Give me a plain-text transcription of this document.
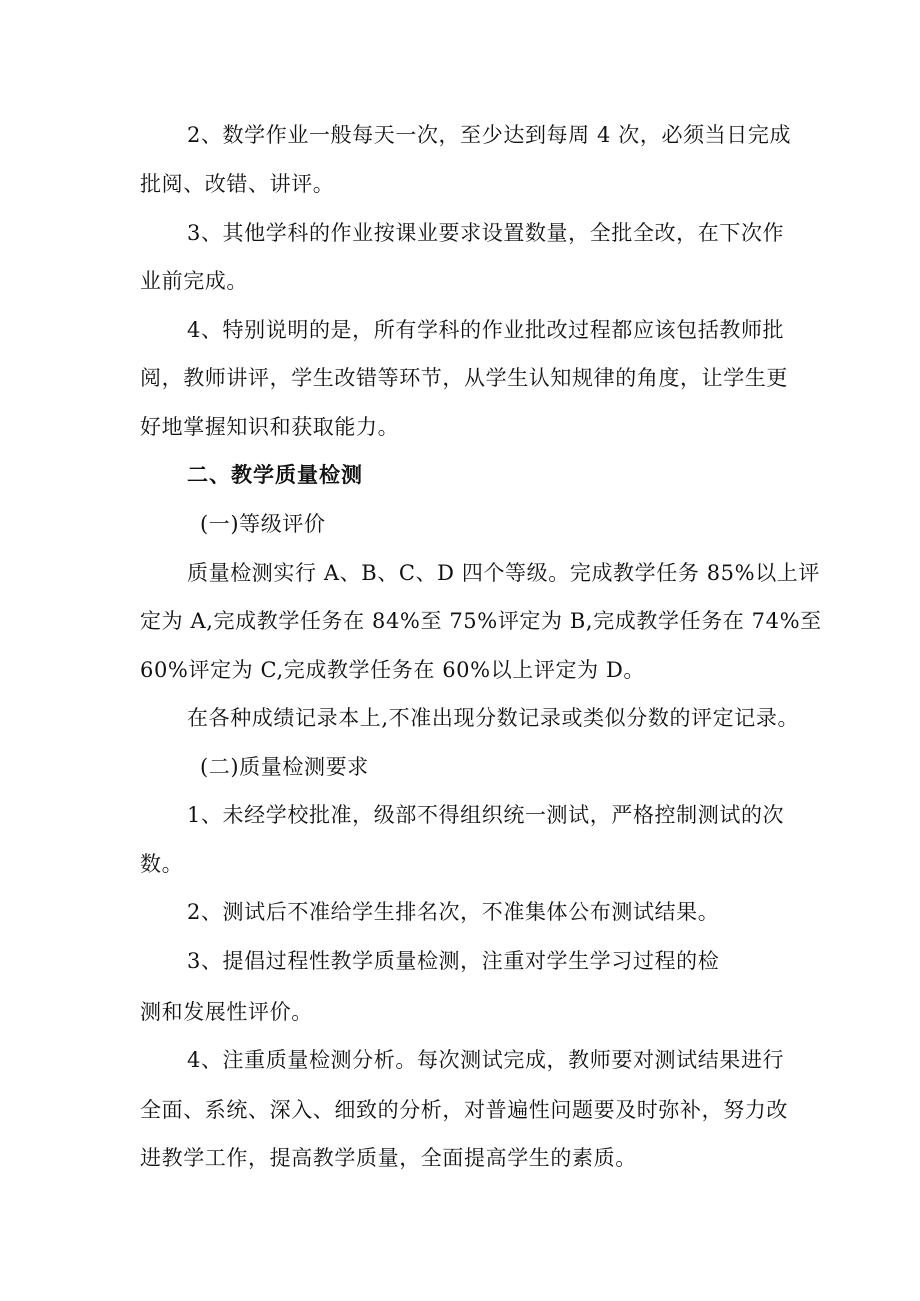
2、数学作业一般每天一次，至少达到每周 4 次，必须当日完成
批阅、改错、讲评。
3、其他学科的作业按课业要求设置数量，全批全改，在下次作
业前完成。
4、特别说明的是，所有学科的作业批改过程都应该包括教师批
阅，教师讲评，学生改错等环节，从学生认知规律的角度，让学生更
好地掌握知识和获取能力。
二、教学质量检测
(一)等级评价
质量检测实行 A、B、C、D 四个等级。完成教学任务 85%以上评
定为 A,完成教学任务在 84%至 75%评定为 B,完成教学任务在 74%至
60%评定为 C,完成教学任务在 60%以上评定为 D。
在各种成绩记录本上,不准出现分数记录或类似分数的评定记录。
(二)质量检测要求
1、未经学校批准，级部不得组织统一测试，严格控制测试的次
数。
2、测试后不准给学生排名次，不准集体公布测试结果。
3、提倡过程性教学质量检测，注重对学生学习过程的检
测和发展性评价。
4、注重质量检测分析。每次测试完成，教师要对测试结果进行
全面、系统、深入、细致的分析，对普遍性问题要及时弥补，努力改
进教学工作，提高教学质量，全面提高学生的素质。
